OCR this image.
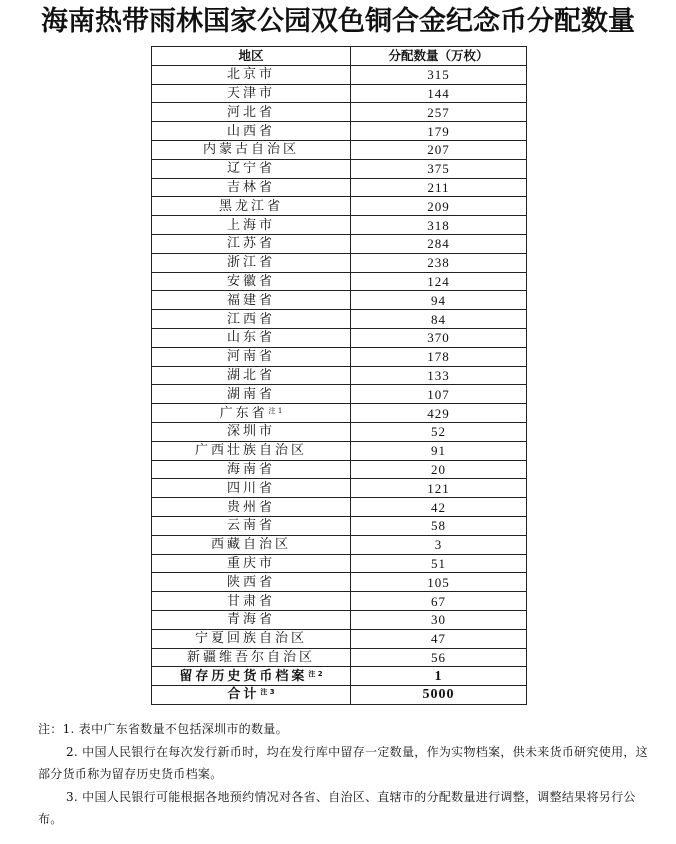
海南热带雨林国家公园双色铜合金纪念币分配数量
地区	分配数量（万枚）
北京市	315
天津市	144
河北省	257
山西省	179
内蒙古自治区	207
辽宁省	375
吉林省	211
黑龙江省	209
上海市	318
江苏省	284
浙江省	238
安徽省	124
福建省	94
江西省	84
山东省	370
河南省	178
湖北省	133
湖南省	107
广东省$^{注 1}$	429
深圳市	52
广西壮族自治区	91
海南省	20
四川省	121
贵州省	42
云南省	58
西藏自治区	3
重庆市	51
陕西省	105
甘肃省	67
青海省	30
宁夏回族自治区	47
新疆维吾尔自治区	56
留存历史货币档案$^{注 2}$	1
合计$^{注 3}$	5000

注：1. 表中广东省数量不包括深圳市的数量。

2. 中国人民银行在每次发行新币时，均在发行库中留存一定数量，作为实物档案，供未来货币研究使用，这部分货币称为留存历史货币档案。

3. 中国人民银行可能根据各地预约情况对各省、自治区、直辖市的分配数量进行调整，调整结果将另行公布。
